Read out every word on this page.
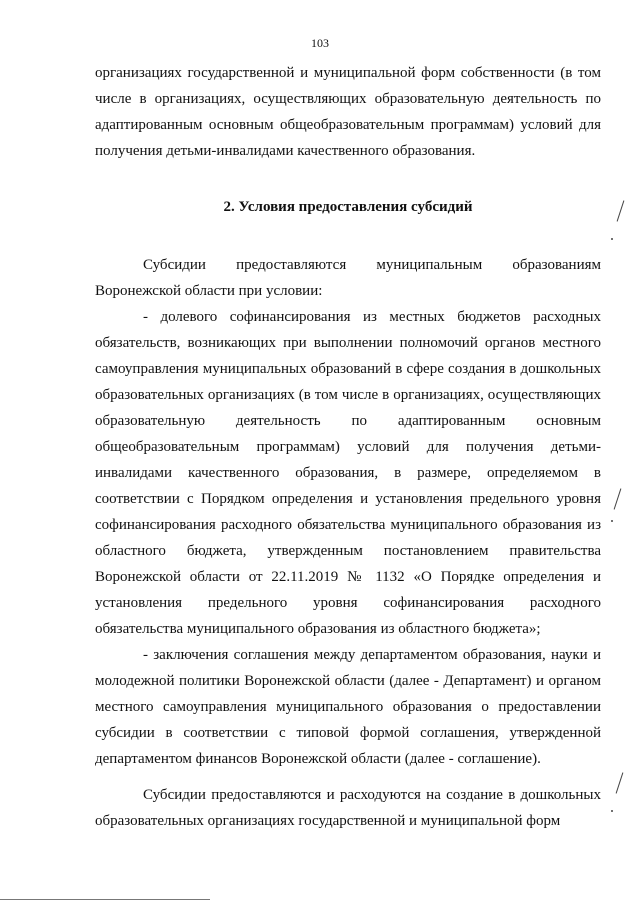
103

организациях государственной и муниципальной форм собственности (в том числе в организациях, осуществляющих образовательную деятельность по адаптированным основным общеобразовательным программам) условий для получения детьми-инвалидами качественного образования.

2. Условия предоставления субсидий

Субсидии предоставляются муниципальным образованиям Воронежской области при условии:

- долевого софинансирования из местных бюджетов расходных обязательств, возникающих при выполнении полномочий органов местного самоуправления муниципальных образований в сфере создания в дошкольных образовательных организациях (в том числе в организациях, осуществляющих образовательную деятельность по адаптированным основным общеобразовательным программам) условий для получения детьми-инвалидами качественного образования, в размере, определяемом в соответствии с Порядком определения и установления предельного уровня софинансирования расходного обязательства муниципального образования из областного бюджета, утвержденным постановлением правительства Воронежской области от 22.11.2019 № 1132 «О Порядке определения и установления предельного уровня софинансирования расходного обязательства муниципального образования из областного бюджета»;

- заключения соглашения между департаментом образования, науки и молодежной политики Воронежской области (далее - Департамент) и органом местного самоуправления муниципального образования о предоставлении субсидии в соответствии с типовой формой соглашения, утвержденной департаментом финансов Воронежской области (далее - соглашение).

Субсидии предоставляются и расходуются на создание в дошкольных образовательных организациях государственной и муниципальной форм
